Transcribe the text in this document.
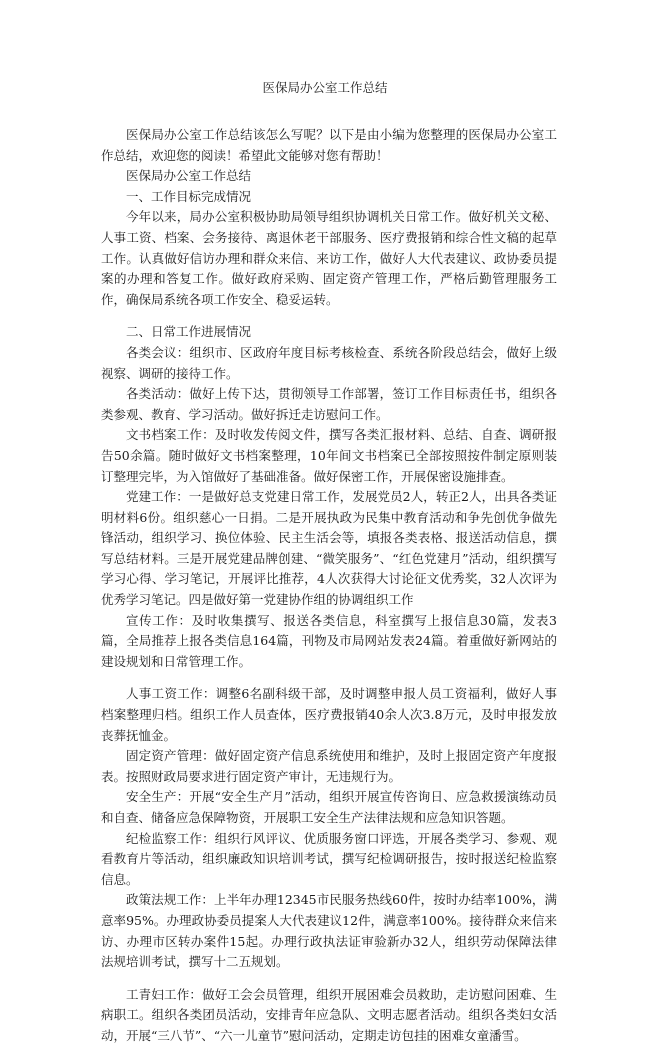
医保局办公室工作总结

医保局办公室工作总结该怎么写呢？以下是由小编为您整理的医保局办公室工作总结，欢迎您的阅读！希望此文能够对您有帮助！

医保局办公室工作总结

一、工作目标完成情况

今年以来，局办公室积极协助局领导组织协调机关日常工作。做好机关文秘、人事工资、档案、会务接待、离退休老干部服务、医疗费报销和综合性文稿的起草工作。认真做好信访办理和群众来信、来访工作，做好人大代表建议、政协委员提案的办理和答复工作。做好政府采购、固定资产管理工作，严格后勤管理服务工作，确保局系统各项工作安全、稳妥运转。

二、日常工作进展情况

各类会议：组织市、区政府年度目标考核检查、系统各阶段总结会，做好上级视察、调研的接待工作。

各类活动：做好上传下达，贯彻领导工作部署，签订工作目标责任书，组织各类参观、教育、学习活动。做好拆迁走访慰问工作。

文书档案工作：及时收发传阅文件，撰写各类汇报材料、总结、自查、调研报告50余篇。随时做好文书档案整理，10年间文书档案已全部按照按件制定原则装订整理完毕，为入馆做好了基础准备。做好保密工作，开展保密设施排查。

党建工作：一是做好总支党建日常工作，发展党员2人，转正2人，出具各类证明材料6份。组织慈心一日捐。二是开展执政为民集中教育活动和争先创优争做先锋活动，组织学习、换位体验、民主生活会等，填报各类表格、报送活动信息，撰写总结材料。三是开展党建品牌创建、“微笑服务”、“红色党建月”活动，组织撰写学习心得、学习笔记，开展评比推荐，4人次获得大讨论征文优秀奖，32人次评为优秀学习笔记。四是做好第一党建协作组的协调组织工作

宣传工作：及时收集撰写、报送各类信息，科室撰写上报信息30篇，发表3篇，全局推荐上报各类信息164篇，刊物及市局网站发表24篇。着重做好新网站的建设规划和日常管理工作。

人事工资工作：调整6名副科级干部，及时调整申报人员工资福利，做好人事档案整理归档。组织工作人员查体，医疗费报销40余人次3.8万元，及时申报发放丧葬抚恤金。

固定资产管理：做好固定资产信息系统使用和维护，及时上报固定资产年度报表。按照财政局要求进行固定资产审计，无违规行为。

安全生产：开展“安全生产月”活动，组织开展宣传咨询日、应急救援演练动员和自查、储备应急保障物资，开展职工安全生产法律法规和应急知识答题。

纪检监察工作：组织行风评议、优质服务窗口评选，开展各类学习、参观、观看教育片等活动，组织廉政知识培训考试，撰写纪检调研报告，按时报送纪检监察信息。

政策法规工作：上半年办理12345市民服务热线60件，按时办结率100%，满意率95%。办理政协委员提案人大代表建议12件，满意率100%。接待群众来信来访、办理市区转办案件15起。办理行政执法证审验新办32人，组织劳动保障法律法规培训考试，撰写十二五规划。

工青妇工作：做好工会会员管理，组织开展困难会员救助，走访慰问困难、生病职工。组织各类团员活动，安排青年应急队、文明志愿者活动。组织各类妇女活动，开展“三八节”、“六一儿童节”慰问活动，定期走访包挂的困难女童潘雪。
